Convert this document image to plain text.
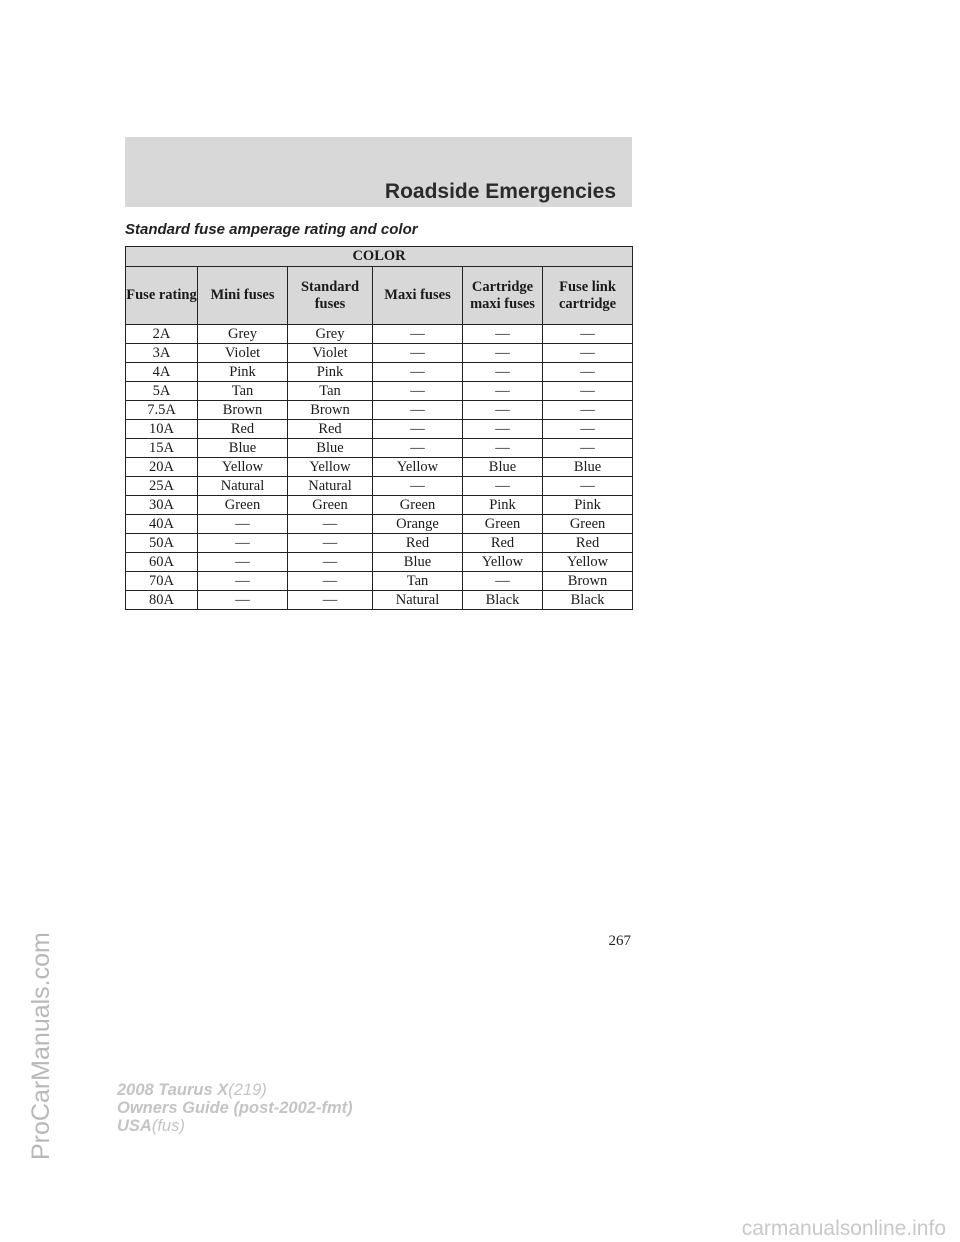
Roadside Emergencies
Standard fuse amperage rating and color
COLOR					
Fuse rating	Mini fuses	Standard fuses	Maxi fuses	Cartridge maxi fuses	Fuse link cartridge
2A	Grey	Grey	—	—	—
3A	Violet	Violet	—	—	—
4A	Pink	Pink	—	—	—
5A	Tan	Tan	—	—	—
7.5A	Brown	Brown	—	—	—
10A	Red	Red	—	—	—
15A	Blue	Blue	—	—	—
20A	Yellow	Yellow	Yellow	Blue	Blue
25A	Natural	Natural	—	—	—
30A	Green	Green	Green	Pink	Pink
40A	—	—	Orange	Green	Green
50A	—	—	Red	Red	Red
60A	—	—	Blue	Yellow	Yellow
70A	—	—	Tan	—	Brown
80A	—	—	Natural	Black	Black

267

2008 Taurus X(219)
Owners Guide (post-2002-fmt)
USA(fus)
ProCarManuals.com
carmanualsonline.info
